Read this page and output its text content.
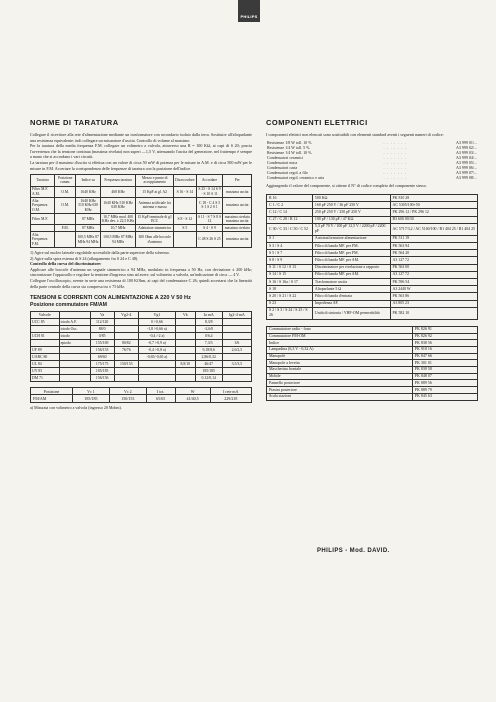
PHILIPS
NORME DI TARATURA

Collegare il ricevitore alla rete d'alimentazione mediante un trasformatore con secondario isolato dalla terra. Sostituire all'altoparlante una resistenza equivalente; indi collegare un misuratore d'uscita. Controllo di volume al massimo.

Per la taratura della media frequenza F.M. collegare un voltmetro a valvola, attraverso una R = 100 KΩ, ai capi di S 20; poscia l'avvertenza che la tensione continua (massima rivelata) non superi —1,5 V, attenuando l'uscita del generatore, nel frattempo è sempre a mano che si accordano i vari circuiti.

La taratura per il massimo d'uscita si effettua con un valore di circa 50 mW di potenza per le misure in A.M. e di circa 500 mW per le misure in F.M. Accertare la corrispondenza delle frequenze di taratura con la posizione dell'indice.

Taratura	Posizione comm.	Indice su	Frequenza taratura	Mezzo e punto di accoppiamento	Disaccordare	Accordare	Per
Filtro M.F. A.M.	O.M.	1640 KHz	468 KHz	15 KpF ai g1 A2	S 16 - S 14	S 25 - S 14 S 9 - S 10 S 11	massima uscita
Alta Frequenza O.M.	O.M.	1640 KHz 510 KHz 630 KHz	1640 KHz 510 KHz 630 KHz	Antenna artificiale fra antenna e massa		C 18 - C 4 S 5 S 1 S 2 S 1	massima uscita
Filtro M.F.		87 MHz	10,7 MHz mod. 400 KHz dev. ± 22,5 KHz	15 KpF terminale di g1 ECC	S 8 - S 12	S 11 - S 7 S 8 S 12	massima rivelata massima uscita
	F.M.	87 MHz	10,7 MHz	Adattatore simmetrico	S 5	S 4 - S 9	massima rivelata
Alta Frequenza F.M.		100,5 MHz 87 MHz 94 MHz	100,5 MHz 87 MHz 94 MHz	300 Ohm alle boccole d'antenna		C 48 S 26 S 25	massima uscita

1) Agire sul nucleo laterale regolabile accessibile dalla parte superiore della schermo.

2) Agire sulla spira esterna di S 24 (allargamento fra S 24 e C 48).

Controllo della curva del discriminatore:

Applicare alle boccole d'antenna un segnale simmetrico a 94 MHz, modulato in frequenza a 50 Hz, con deviazione ± 200 kHz; sincronizzare l'oppacsollo e regolare la tensione d'ingresso sino ad avere, sul voltmetro a valvola, un'indicazione di circa — 4 V.

Collegare l'oscilloscopio, avente in serie una resistenza di 100 KOhm, ai capi del condensatore C 26; quindi accertarsi che la linearità della parte centrale della curva sia compresa tra ± 75 kHz.

TENSIONI E CORRENTI CON ALIMENTAZIONE A 220 V 50 Hz
Posizione commutatore FM/AM
Valvole		Va	Vg2-4	Vg1	Vk	Ia mA	Ig2-4 mA
UCC 85	triodo A.F.	112/120		0 /-0,66		8,3/8	
	triodo Osc.	88/0		-1,8 /-0,66 a)		-2,6/0	
UCH 81	triodo	0/85		-0,4 /-2 a)		0/6,4	
	eptodo	155/169	80/82	-0,7 /-0,9 a)		7,3/3	3/6
UF 89		156/153	76/76	-0,4 /-0,8 a)		9,18/8,6	2,6/2,5
UABC 80		69/60		-0,65/-0,65 a)		2,86/0,32	
UL 84		175/175	150/153		8,8/10	46/47	3,5/3,5
UY 85		185/185				185/185	
DM 71		156/156				0,12/0,14	
Posizione	Vc 1	Vc 2	I tot.	W	I rete mA
FM/AM	185/185	150/153	65/65	41/40,5	229/218
a) Misurata con voltmetro a valvola (ingresso 20 Mohm).
COMPONENTI ELETTRICI

I componenti elettrici non elencati sono sostituibili con elementi standard aventi i seguenti numeri di codice:

Resistenze 1/8 W toll. 10 %	. . . . . . .	A3 999 01/...
Resistenze 1/4 W toll. 5 %	. . . . . . .	A3 999 02/...
Resistenze 1/4 W toll. 10 %	. . . . . . .	A3 999 03/...
Condensatori ceramici	. . . . . . .	A3 999 04/...
Condensatori mica	. . . . . . .	A3 999 05/...
Condensatori carta	. . . . . . .	A3 999 06/...
Condensatori regol. a filo	. . . . . . .	A3 999 07/...
Condensatori regol. ceramico e aria	. . . . . . .	A3 999 08/...

Aggiungendo il valore del componente, si ottiene il N° di codice completo del componente stesso.

R 16	500 KΩ	PK 810 28
C 1 / C 2	160 pF 250 V / 36 pF 250 V	AC 5305/100+50
C 12 / C 14	250 pF 250 V / 250 pF 250 V	PK 296 12 / PK 296 12
C 27 / C 28 / R 12	100 pF / 130 pF / 47 KΩ	B3 600 00/30
C 30 / C 33 / C 50 / C 52	5,3 pF 70 V / 100 pF 12,5 V / 2200 pF / 2200 pF	AC 5717/3,2 / AC 5160/100 / B1 404 25 / B1 404 25
S 1	Autotrasformatore alimentazione	PK 511 19
S 3 / S 4	Filtro di banda MF. per FM.	PK 563 94
S 5 / S 7	Filtro di banda MF. per FM.	PK 564 20
S 8 / S 9	Filtro di banda MF. per AM.	A3 127 72
S 11 / S 12 / S 13	Discriminatore per rivelazione a rapporto	PK 563 00
S 14 / S 15	Filtro di banda MF. per AM.	A3 127 72
S 16 / S 16a / S 17	Trasformatore uscita	PK 596 54
S 18	Altoparlante 5 Ω	A3 2440 W
S 20 / S 21 / S 22	Filtro di banda d'entrata	PK 563 86
S 23	Impedenza AF.	A3 805 23
S 2 / S 3 / S 24 / S 25 / S 26	Unità di sintonia / VHF-OM permeabilità	PK 582 10
Commutatore radio - fono	PK 826 91
Commutatore FM-OM	PK 826 92
Indice	PK 838 56
Lampadina (6,3 V - 0,32 A)	PK 918 16
Manopole	PK 847 66
Manopole a levetta	PK 301 01
Mascherina frontale	PK 839 58
Mobile	PK 848 07
Pannello posteriore	PK 889 56
Piastra posteriore	PK 889 79
Scala stazioni	PK 845 63
PHILIPS - Mod. DAVID.
